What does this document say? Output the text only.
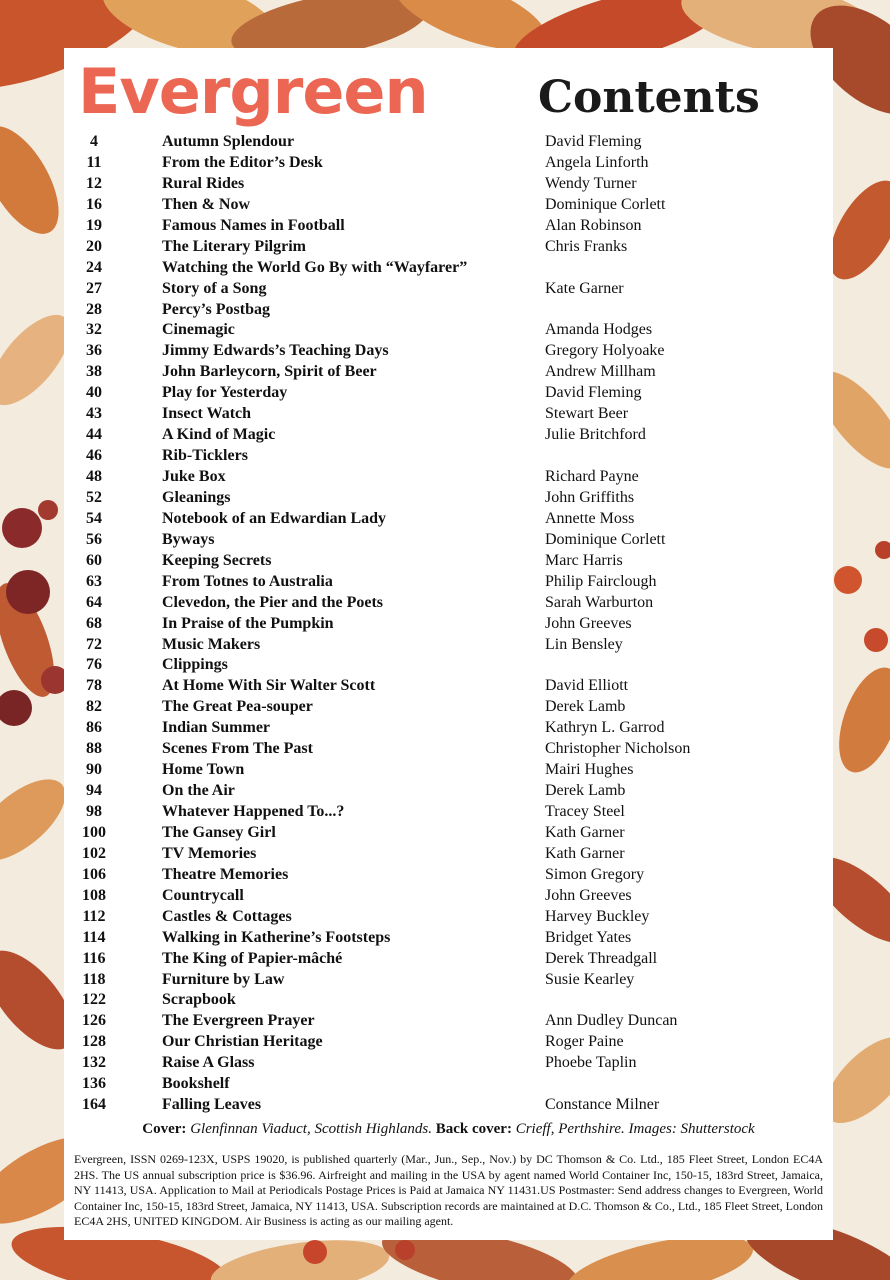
Evergreen	Contents
4	Autumn Splendour	David Fleming
11	From the Editor’s Desk	Angela Linforth
12	Rural Rides	Wendy Turner
16	Then & Now	Dominique Corlett
19	Famous Names in Football	Alan Robinson
20	The Literary Pilgrim	Chris Franks
24	Watching the World Go By with “Wayfarer”
27	Story of a Song	Kate Garner
28	Percy’s Postbag
32	Cinemagic	Amanda Hodges
36	Jimmy Edwards’s Teaching Days	Gregory Holyoake
38	John Barleycorn, Spirit of Beer	Andrew Millham
40	Play for Yesterday	David Fleming
43	Insect Watch	Stewart Beer
44	A Kind of Magic	Julie Britchford
46	Rib-Ticklers
48	Juke Box	Richard Payne
52	Gleanings	John Griffiths
54	Notebook of an Edwardian Lady	Annette Moss
56	Byways	Dominique Corlett
60	Keeping Secrets	Marc Harris
63	From Totnes to Australia	Philip Fairclough
64	Clevedon, the Pier and the Poets	Sarah Warburton
68	In Praise of the Pumpkin	John Greeves
72	Music Makers	Lin Bensley
76	Clippings
78	At Home With Sir Walter Scott	David Elliott
82	The Great Pea-souper	Derek Lamb
86	Indian Summer	Kathryn L. Garrod
88	Scenes From The Past	Christopher Nicholson
90	Home Town	Mairi Hughes
94	On the Air	Derek Lamb
98	Whatever Happened To...?	Tracey Steel
100	The Gansey Girl	Kath Garner
102	TV Memories	Kath Garner
106	Theatre Memories	Simon Gregory
108	Countrycall	John Greeves
112	Castles & Cottages	Harvey Buckley
114	Walking in Katherine’s Footsteps	Bridget Yates
116	The King of Papier-mâché	Derek Threadgall
118	Furniture by Law	Susie Kearley
122	Scrapbook
126	The Evergreen Prayer	Ann Dudley Duncan
128	Our Christian Heritage	Roger Paine
132	Raise A Glass	Phoebe Taplin
136	Bookshelf
164	Falling Leaves	Constance Milner
Cover: Glenfinnan Viaduct, Scottish Highlands. Back cover: Crieff, Perthshire. Images: Shutterstock
Evergreen, ISSN 0269-123X, USPS 19020, is published quarterly (Mar., Jun., Sep., Nov.) by DC Thomson & Co. Ltd., 185 Fleet Street, London EC4A 2HS. The US annual subscription price is $36.96. Airfreight and mailing in the USA by agent named World Container Inc, 150-15, 183rd Street, Jamaica, NY 11413, USA. Application to Mail at Periodicals Postage Prices is Paid at Jamaica NY 11431.US Postmaster: Send address changes to Evergreen, World Container Inc, 150-15, 183rd Street, Jamaica, NY 11413, USA. Subscription records are maintained at D.C. Thomson & Co., Ltd., 185 Fleet Street, London EC4A 2HS, UNITED KINGDOM. Air Business is acting as our mailing agent.
